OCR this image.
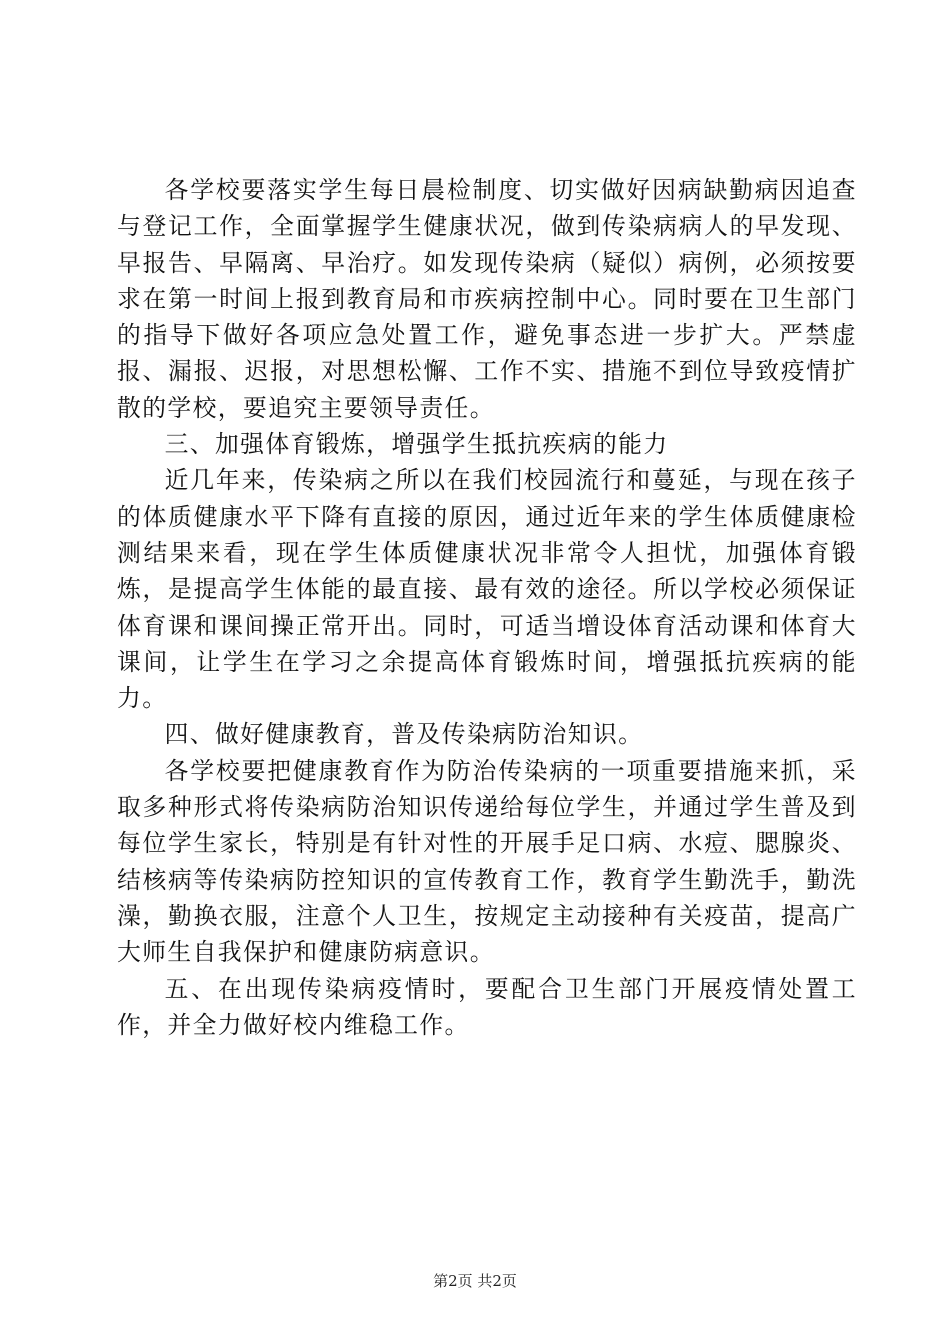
各学校要落实学生每日晨检制度、切实做好因病缺勤病因追查与登记工作，全面掌握学生健康状况，做到传染病病人的早发现、早报告、早隔离、早治疗。如发现传染病（疑似）病例，必须按要求在第一时间上报到教育局和市疾病控制中心。同时要在卫生部门的指导下做好各项应急处置工作，避免事态进一步扩大。严禁虚报、漏报、迟报，对思想松懈、工作不实、措施不到位导致疫情扩散的学校，要追究主要领导责任。

三、加强体育锻炼，增强学生抵抗疾病的能力

近几年来，传染病之所以在我们校园流行和蔓延，与现在孩子的体质健康水平下降有直接的原因，通过近年来的学生体质健康检测结果来看，现在学生体质健康状况非常令人担忧，加强体育锻炼，是提高学生体能的最直接、最有效的途径。所以学校必须保证体育课和课间操正常开出。同时，可适当增设体育活动课和体育大课间，让学生在学习之余提高体育锻炼时间，增强抵抗疾病的能力。

四、做好健康教育，普及传染病防治知识。

各学校要把健康教育作为防治传染病的一项重要措施来抓，采取多种形式将传染病防治知识传递给每位学生，并通过学生普及到每位学生家长，特别是有针对性的开展手足口病、水痘、腮腺炎、结核病等传染病防控知识的宣传教育工作，教育学生勤洗手，勤洗澡，勤换衣服，注意个人卫生，按规定主动接种有关疫苗，提高广大师生自我保护和健康防病意识。

五、在出现传染病疫情时，要配合卫生部门开展疫情处置工作，并全力做好校内维稳工作。

第2页 共2页
